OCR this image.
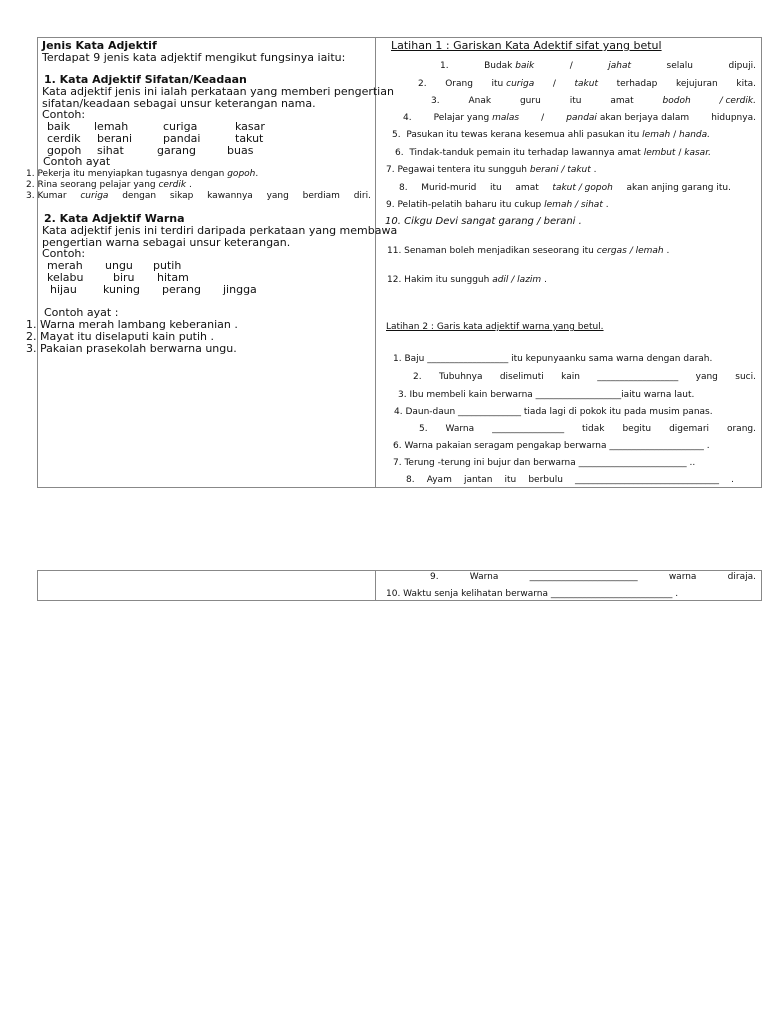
Jenis Kata Adjektif
Terdapat 9 jenis kata adjektif mengikut fungsinya iaitu:
1. Kata Adjektif Sifatan/Keadaan
Kata adjektif jenis ini ialah perkataan yang memberi pengertian
sifatan/keadaan sebagai unsur keterangan nama.
Contoh:
baik lemah	curiga	kasar
cerdik berani	pandai	takut
gopoh sihat	garang	buas
Contoh ayat
1. Pekerja itu menyiapkan tugasnya dengan gopoh.
2. Rina seorang pelajar yang cerdik .
3. Kumar curiga dengan sikap kawannya yang berdiam diri.
2. Kata Adjektif Warna
Kata adjektif jenis ini terdiri daripada perkataan yang membawa
pengertian warna sebagai unsur keterangan.
Contoh:
merah ungu putih
kelabu	biru hitam
hijau kuning perang jingga
Contoh ayat :
1. Warna merah lambang keberanian .
2. Mayat itu diselaputi kain putih .
3. Pakaian prasekolah berwarna ungu.
Latihan 1 : Gariskan Kata Adektif sifat yang betul
1.	Budak baik	/	jahat	selalu	dipuji.
2. Orang itu curiga / takut terhadap kejujuran kita.
3.	Anak	guru	itu	amat	bodoh	/ cerdik.
4. Pelajar yang malas / pandai akan berjaya dalam hidupnya.
5. Pasukan itu tewas kerana kesemua ahli pasukan itu lemah / handa.
6. Tindak-tanduk pemain itu terhadap lawannya amat lembut / kasar.
7. Pegawai tentera itu sungguh berani / takut .
8. Murid-murid itu amat takut / gopoh akan anjing garang itu.
9. Pelatih-pelatih baharu itu cukup lemah / sihat .
10. Cikgu Devi sangat garang / berani .
11. Senaman boleh menjadikan seseorang itu cergas / lemah .
12. Hakim itu sungguh adil / lazim .
Latihan 2 : Garis kata adjektif warna yang betul.
1. Baju __________________ itu kepunyaanku sama warna dengan darah.
2. Tubuhnya diselimuti kain __________________ yang suci.
3. Ibu membeli kain berwarna ___________________iaitu warna laut.
4. Daun-daun ______________ tiada lagi di pokok itu pada musim panas.
5. Warna ________________ tidak begitu digemari orang.
6. Warna pakaian seragam pengakap berwarna _____________________ .
7. Terung -terung ini bujur dan berwarna ________________________ ..
8. Ayam jantan itu berbulu ________________________________ .
9.	Warna	________________________	warna	diraja.
10. Waktu senja kelihatan berwarna ___________________________ .
